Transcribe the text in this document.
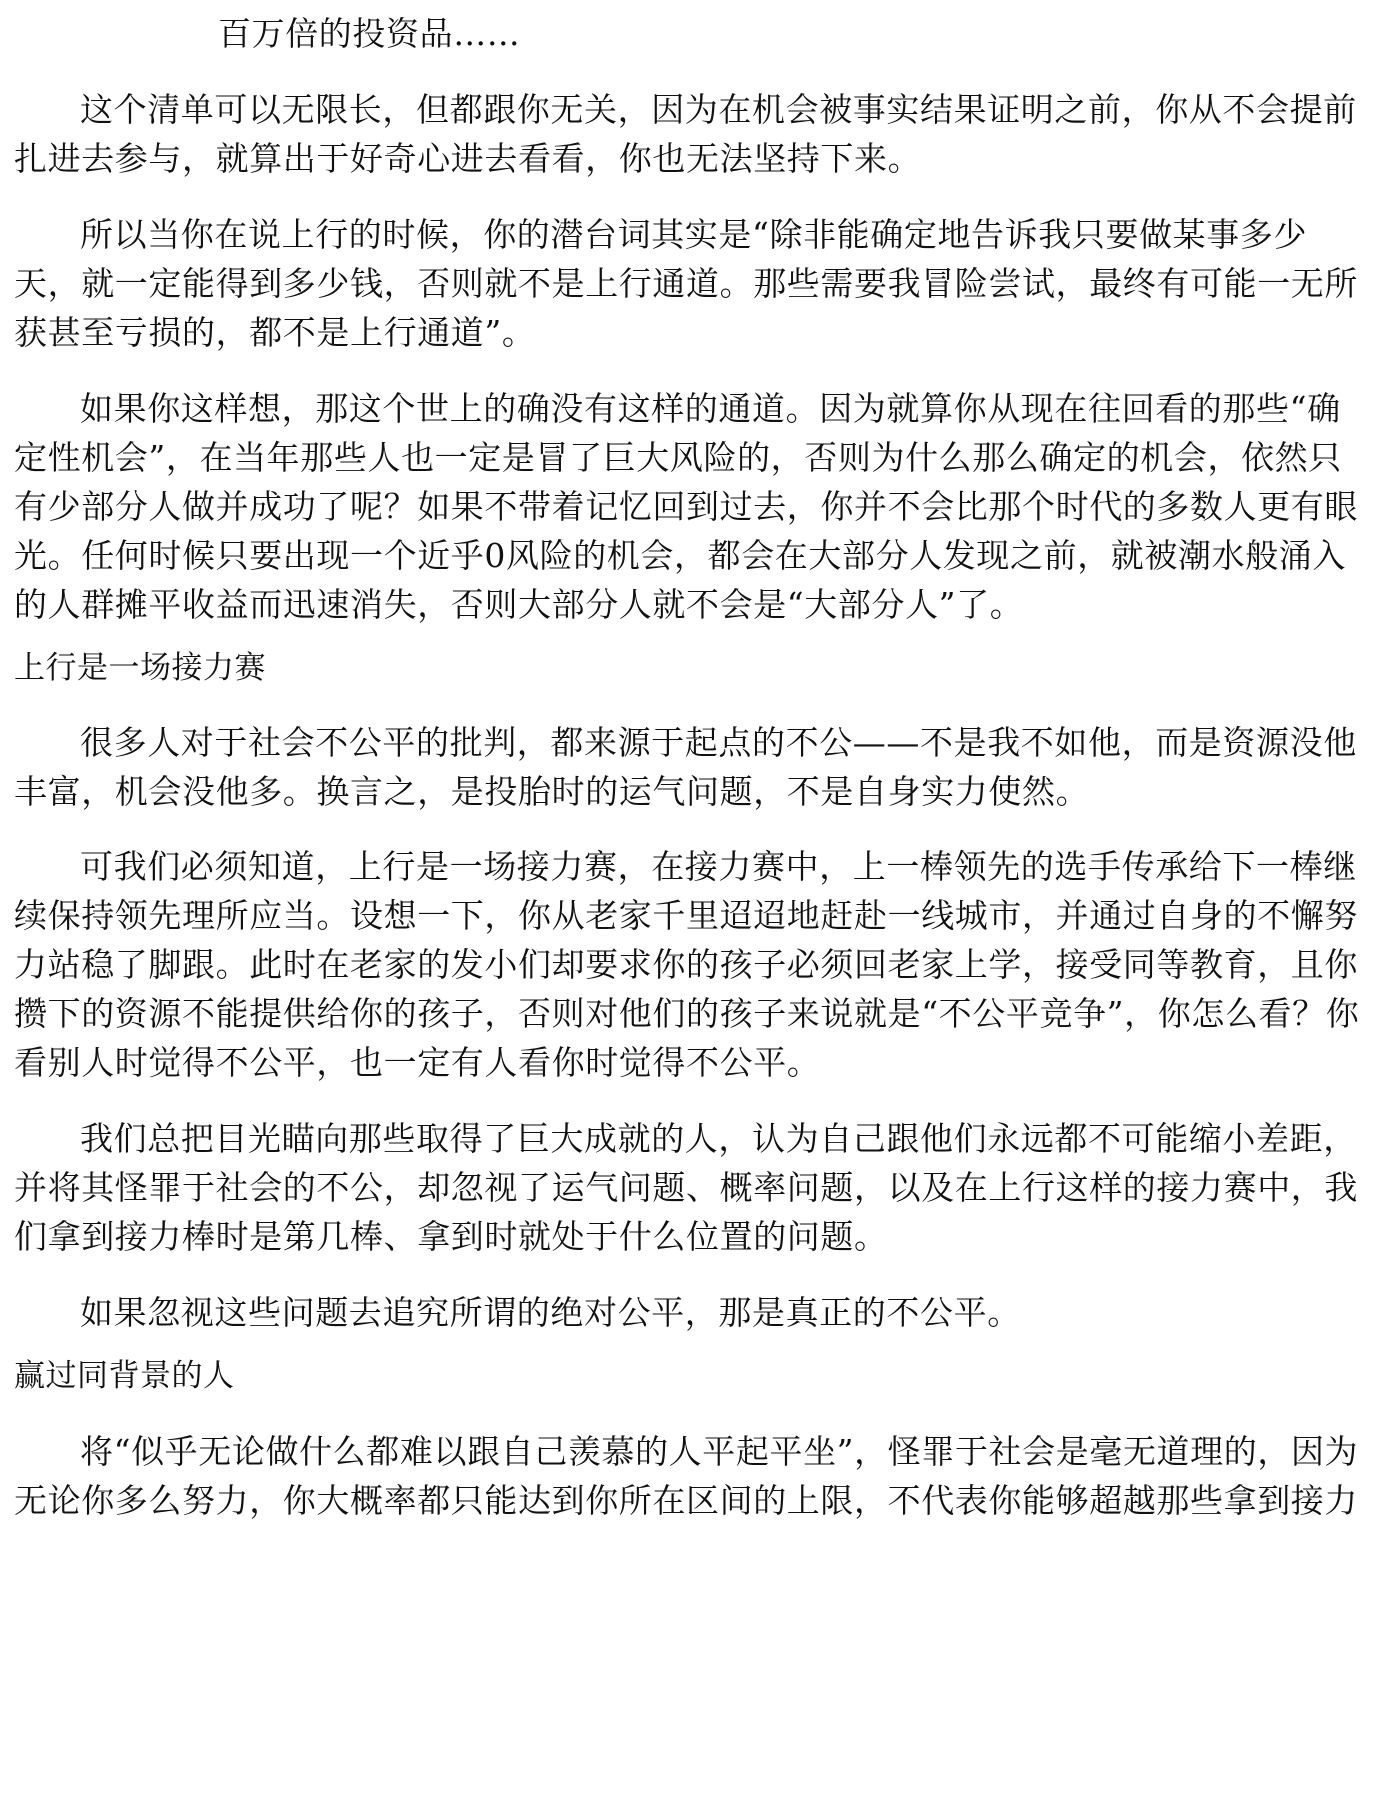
百万倍的投资品……
这个清单可以无限长，但都跟你无关，因为在机会被事实结果证明之前，你从不会提前
扎进去参与，就算出于好奇心进去看看，你也无法坚持下来。
所以当你在说上行的时候，你的潜台词其实是“除非能确定地告诉我只要做某事多少
天，就一定能得到多少钱，否则就不是上行通道。那些需要我冒险尝试，最终有可能一无所
获甚至亏损的，都不是上行通道”。
如果你这样想，那这个世上的确没有这样的通道。因为就算你从现在往回看的那些“确
定性机会”，在当年那些人也一定是冒了巨大风险的，否则为什么那么确定的机会，依然只
有少部分人做并成功了呢？如果不带着记忆回到过去，你并不会比那个时代的多数人更有眼
光。任何时候只要出现一个近乎0风险的机会，都会在大部分人发现之前，就被潮水般涌入
的人群摊平收益而迅速消失，否则大部分人就不会是“大部分人”了。
上行是一场接力赛
很多人对于社会不公平的批判，都来源于起点的不公——不是我不如他，而是资源没他
丰富，机会没他多。换言之，是投胎时的运气问题，不是自身实力使然。
可我们必须知道，上行是一场接力赛，在接力赛中，上一棒领先的选手传承给下一棒继
续保持领先理所应当。设想一下，你从老家千里迢迢地赶赴一线城市，并通过自身的不懈努
力站稳了脚跟。此时在老家的发小们却要求你的孩子必须回老家上学，接受同等教育，且你
攒下的资源不能提供给你的孩子，否则对他们的孩子来说就是“不公平竞争”，你怎么看？你
看别人时觉得不公平，也一定有人看你时觉得不公平。
我们总把目光瞄向那些取得了巨大成就的人，认为自己跟他们永远都不可能缩小差距，
并将其怪罪于社会的不公，却忽视了运气问题、概率问题，以及在上行这样的接力赛中，我
们拿到接力棒时是第几棒、拿到时就处于什么位置的问题。
如果忽视这些问题去追究所谓的绝对公平，那是真正的不公平。
赢过同背景的人
将“似乎无论做什么都难以跟自己羡慕的人平起平坐”，怪罪于社会是毫无道理的，因为
无论你多么努力，你大概率都只能达到你所在区间的上限，不代表你能够超越那些拿到接力
